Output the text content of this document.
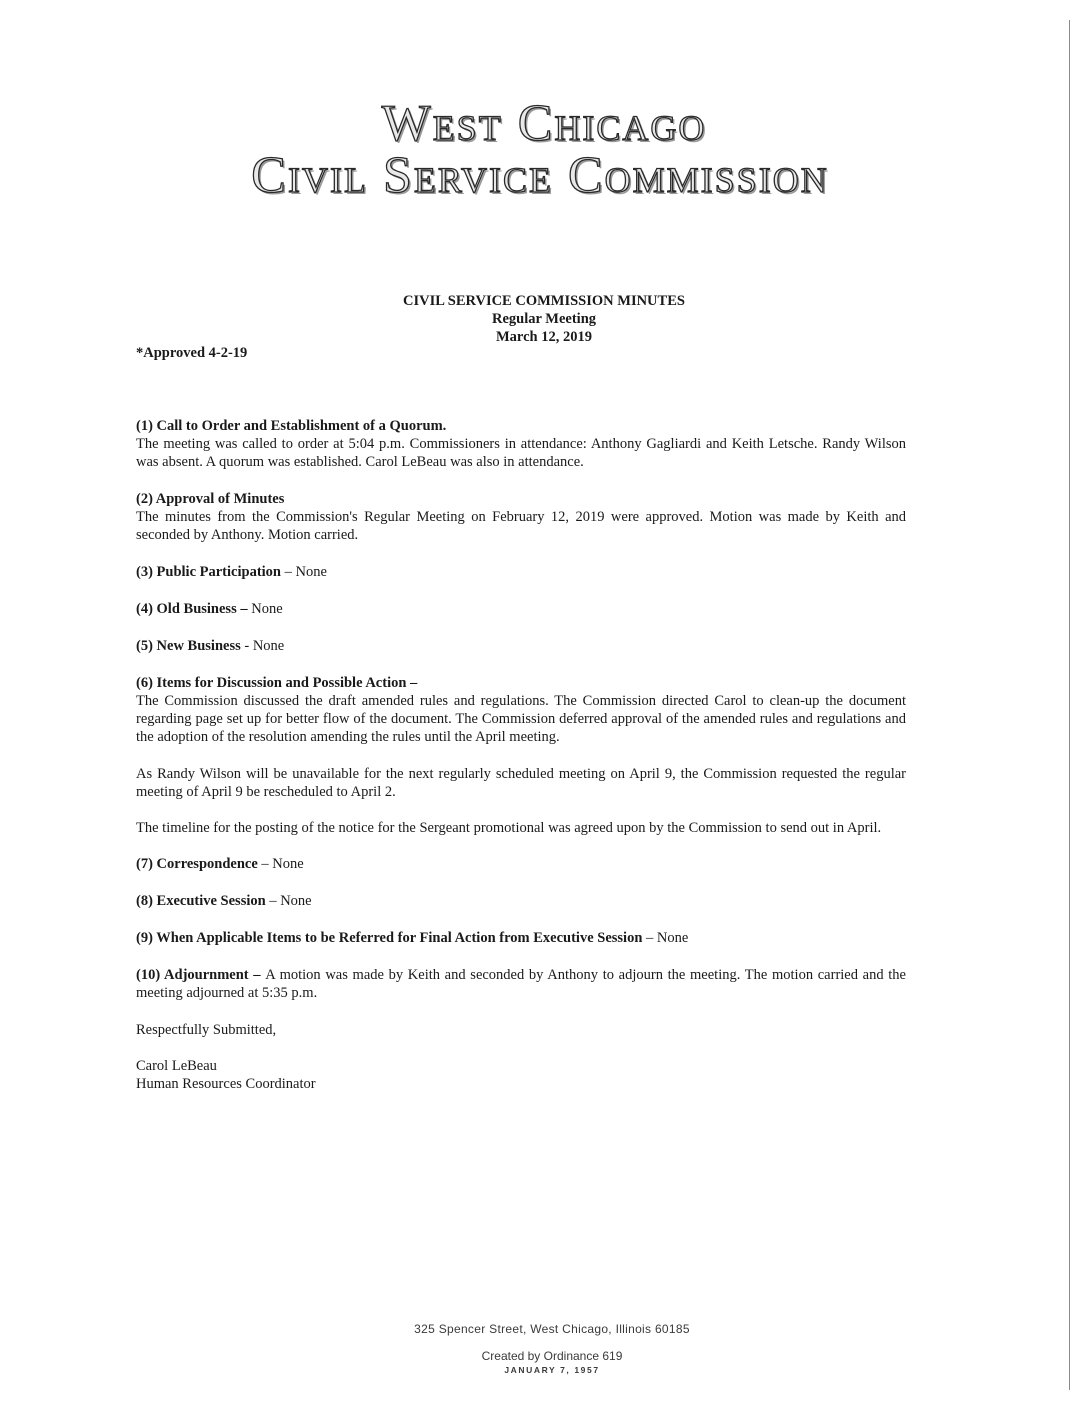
West Chicago
Civil Service Commission
CIVIL SERVICE COMMISSION MINUTES
Regular Meeting
March 12, 2019
*Approved 4-2-19

(1) Call to Order and Establishment of a Quorum.

The meeting was called to order at 5:04 p.m. Commissioners in attendance: Anthony Gagliardi and Keith Letsche. Randy Wilson was absent. A quorum was established. Carol LeBeau was also in attendance.

(2) Approval of Minutes

The minutes from the Commission's Regular Meeting on February 12, 2019 were approved. Motion was made by Keith and seconded by Anthony. Motion carried.

(3) Public Participation – None

(4) Old Business – None

(5) New Business - None

(6) Items for Discussion and Possible Action –

The Commission discussed the draft amended rules and regulations. The Commission directed Carol to clean-up the document regarding page set up for better flow of the document. The Commission deferred approval of the amended rules and regulations and the adoption of the resolution amending the rules until the April meeting.

As Randy Wilson will be unavailable for the next regularly scheduled meeting on April 9, the Commission requested the regular meeting of April 9 be rescheduled to April 2.

The timeline for the posting of the notice for the Sergeant promotional was agreed upon by the Commission to send out in April.

(7) Correspondence – None

(8) Executive Session – None

(9) When Applicable Items to be Referred for Final Action from Executive Session – None

(10) Adjournment – A motion was made by Keith and seconded by Anthony to adjourn the meeting. The motion carried and the meeting adjourned at 5:35 p.m.

Respectfully Submitted,

Carol LeBeau

Human Resources Coordinator

325 Spencer Street, West Chicago, Illinois 60185
Created by Ordinance 619
JANUARY 7, 1957
